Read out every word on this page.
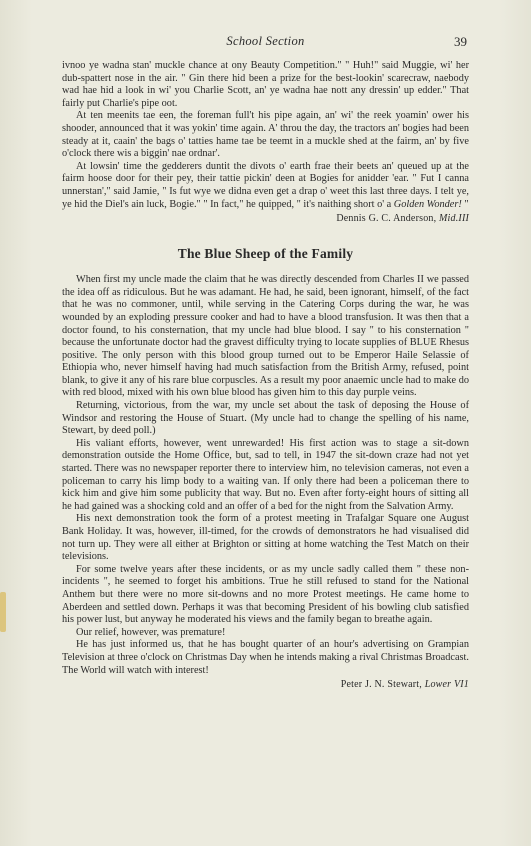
School Section	39

ivnoo ye wadna stan' muckle chance at ony Beauty Competition." " Huh!" said Muggie, wi' her dub-spattert nose in the air. " Gin there hid been a prize for the best-lookin' scarecraw, naebody wad hae hid a look in wi' you Charlie Scott, an' ye wadna hae nott any dressin' up edder." That fairly put Charlie's pipe oot.

At ten meenits tae een, the foreman full't his pipe again, an' wi' the reek yoamin' ower his shooder, announced that it was yokin' time again. A' throu the day, the tractors an' bogies had been steady at it, caain' the bags o' tatties hame tae be teemt in a muckle shed at the fairm, an' by five o'clock there wis a biggin' nae ordnar'.

At lowsin' time the gedderers duntit the divots o' earth frae their beets an' queued up at the fairm hoose door for their pey, their tattie pickin' deen at Bogies for anidder 'ear. " Fut I canna unnerstan'," said Jamie, " Is fut wye we didna even get a drap o' weet this last three days. I telt ye, ye hid the Diel's ain luck, Bogie." " In fact," he quipped, " it's naithing short o' a Golden Wonder! "

Dennis G. C. Anderson, Mid.III
The Blue Sheep of the Family

When first my uncle made the claim that he was directly descended from Charles II we passed the idea off as ridiculous. But he was adamant. He had, he said, been ignorant, himself, of the fact that he was no commoner, until, while serving in the Catering Corps during the war, he was wounded by an exploding pressure cooker and had to have a blood transfusion. It was then that a doctor found, to his consternation, that my uncle had blue blood. I say " to his consternation " because the unfortunate doctor had the gravest difficulty trying to locate supplies of BLUE Rhesus positive. The only person with this blood group turned out to be Emperor Haile Selassie of Ethiopia who, never himself having had much satisfaction from the British Army, refused, point blank, to give it any of his rare blue corpuscles. As a result my poor anaemic uncle had to make do with red blood, mixed with his own blue blood has given him to this day purple veins.

Returning, victorious, from the war, my uncle set about the task of deposing the House of Windsor and restoring the House of Stuart. (My uncle had to change the spelling of his name, Stewart, by deed poll.)

His valiant efforts, however, went unrewarded! His first action was to stage a sit-down demonstration outside the Home Office, but, sad to tell, in 1947 the sit-down craze had not yet started. There was no newspaper reporter there to interview him, no television cameras, not even a policeman to carry his limp body to a waiting van. If only there had been a policeman there to kick him and give him some publicity that way. But no. Even after forty-eight hours of sitting all he had gained was a shocking cold and an offer of a bed for the night from the Salvation Army.

His next demonstration took the form of a protest meeting in Trafalgar Square one August Bank Holiday. It was, however, ill-timed, for the crowds of demonstrators he had visualised did not turn up. They were all either at Brighton or sitting at home watching the Test Match on their televisions.

For some twelve years after these incidents, or as my uncle sadly called them " these non-incidents ", he seemed to forget his ambitions. True he still refused to stand for the National Anthem but there were no more sit-downs and no more Protest meetings. He came home to Aberdeen and settled down. Perhaps it was that becoming President of his bowling club satisfied his power lust, but anyway he moderated his views and the family began to breathe again.

Our relief, however, was premature!

He has just informed us, that he has bought quarter of an hour's advertising on Grampian Television at three o'clock on Christmas Day when he intends making a rival Christmas Broadcast. The World will watch with interest!

Peter J. N. Stewart, Lower VI1
